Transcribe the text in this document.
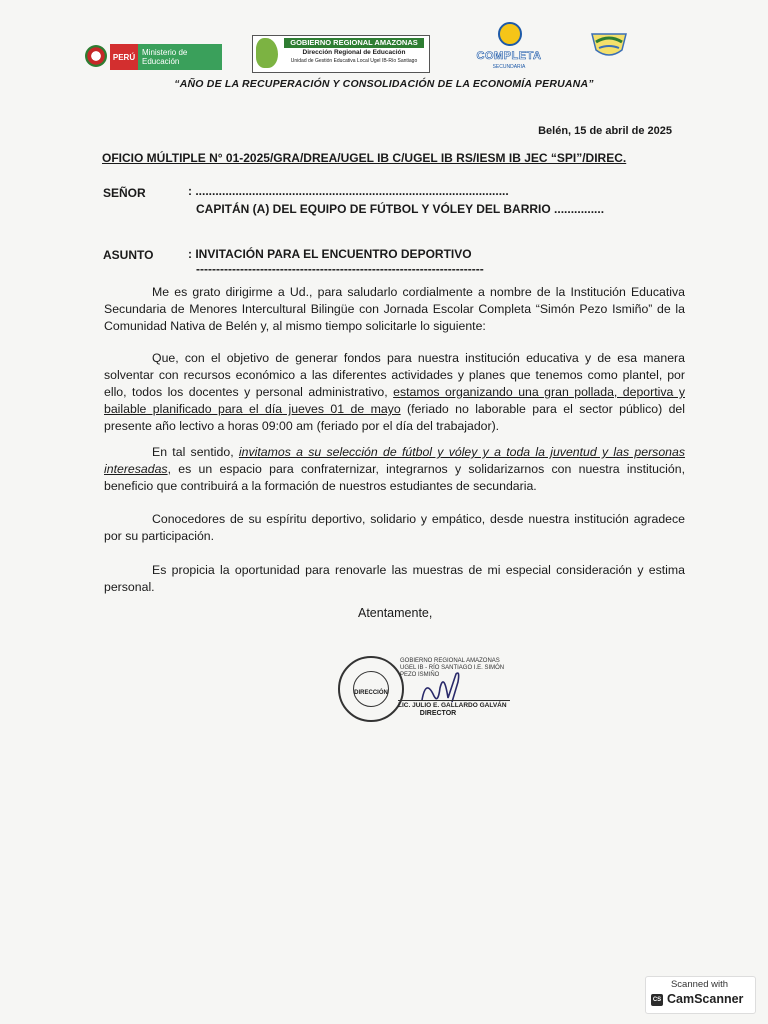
PERÚ Ministerio de Educación
GOBIERNO REGIONAL AMAZONAS
Dirección Regional de Educación
Unidad de Gestión Educativa Local Ugel IB-Río Santiago	COMPLETA
SECUNDARIA
“AÑO DE LA RECUPERACIÓN Y CONSOLIDACIÓN DE LA ECONOMÍA PERUANA”
Belén, 15 de abril de 2025
OFICIO MÚLTIPLE N° 01-2025/GRA/DREA/UGEL IB C/UGEL IB RS/IESM IB JEC “SPI”/DIREC.
SEÑOR	: ..............................................................................................
CAPITÁN (A) DEL EQUIPO DE FÚTBOL Y VÓLEY DEL BARRIO ...............
ASUNTO	: INVITACIÓN PARA EL ENCUENTRO DEPORTIVO
------------------------------------------------------------------------

Me es grato dirigirme a Ud., para saludarlo cordialmente a nombre de la Institución Educativa Secundaria de Menores Intercultural Bilingüe con Jornada Escolar Completa “Simón Pezo Ismiño” de la Comunidad Nativa de Belén y, al mismo tiempo solicitarle lo siguiente:

Que, con el objetivo de generar fondos para nuestra institución educativa y de esa manera solventar con recursos económico a las diferentes actividades y planes que tenemos como plantel, por ello, todos los docentes y personal administrativo, estamos organizando una gran pollada, deportiva y bailable planificado para el día jueves 01 de mayo (feriado no laborable para el sector público) del presente año lectivo a horas 09:00 am (feriado por el día del trabajador).

En tal sentido, invitamos a su selección de fútbol y vóley y a toda la juventud y las personas interesadas, es un espacio para confraternizar, integrarnos y solidarizarnos con nuestra institución, beneficio que contribuirá a la formación de nuestros estudiantes de secundaria.

Conocedores de su espíritu deportivo, solidario y empático, desde nuestra institución agradece por su participación.

Es propicia la oportunidad para renovarle las muestras de mi especial consideración y estima personal.

Atentamente,
DIRECCIÓN
GOBIERNO REGIONAL AMAZONAS UGEL IB - RÍO SANTIAGO I.E. SIMÓN PEZO ISMIÑO
LIC. JULIO E. GALLARDO GALVÁN
DIRECTOR
Scanned with
CS CamScanner
